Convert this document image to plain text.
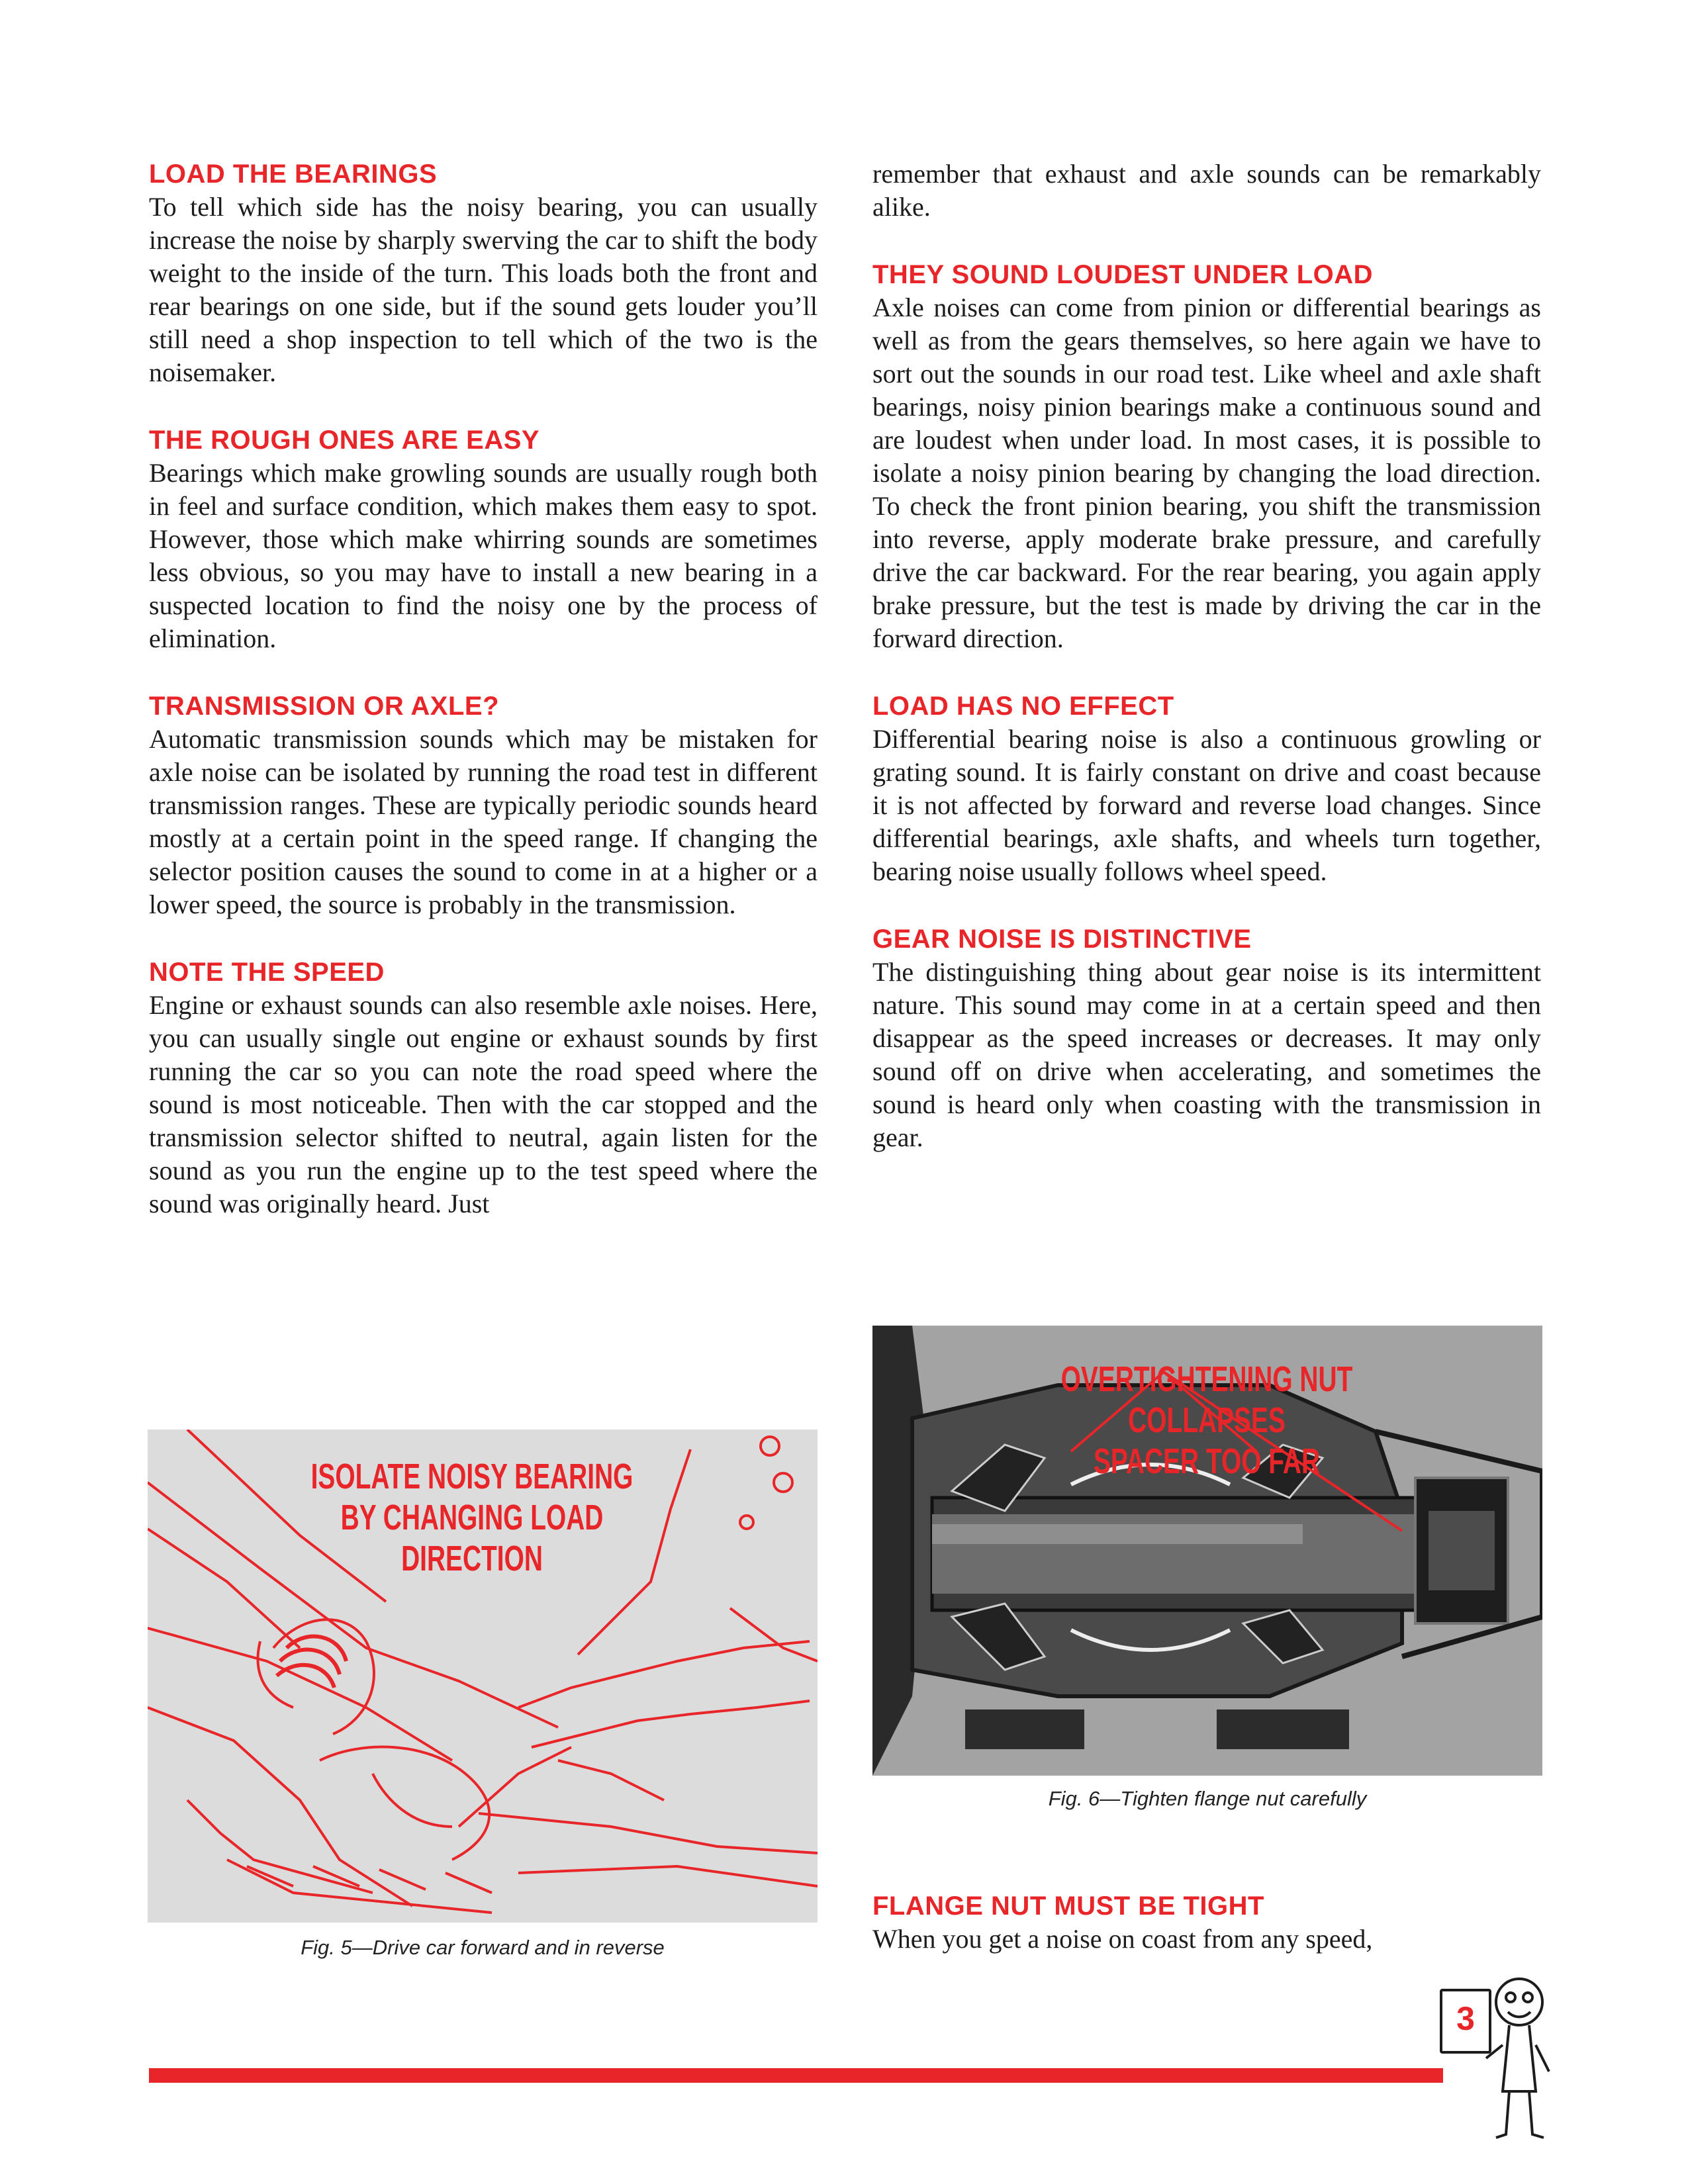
LOAD THE BEARINGS

To tell which side has the noisy bearing, you can usually increase the noise by sharply swerving the car to shift the body weight to the inside of the turn. This loads both the front and rear bearings on one side, but if the sound gets louder you’ll still need a shop inspection to tell which of the two is the noisemaker.

THE ROUGH ONES ARE EASY

Bearings which make growling sounds are usually rough both in feel and surface condition, which makes them easy to spot. However, those which make whirring sounds are sometimes less obvious, so you may have to install a new bearing in a suspected location to find the noisy one by the process of elimination.

TRANSMISSION OR AXLE?

Automatic transmission sounds which may be mistaken for axle noise can be isolated by running the road test in different transmission ranges. These are typically periodic sounds heard mostly at a certain point in the speed range. If changing the selector position causes the sound to come in at a higher or a lower speed, the source is probably in the transmission.

NOTE THE SPEED

Engine or exhaust sounds can also resemble axle noises. Here, you can usually single out engine or exhaust sounds by first running the car so you can note the road speed where the sound is most noticeable. Then with the car stopped and the transmission selector shifted to neutral, again listen for the sound as you run the engine up to the test speed where the sound was originally heard. Just

remember that exhaust and axle sounds can be remarkably alike.

THEY SOUND LOUDEST UNDER LOAD

Axle noises can come from pinion or differential bearings as well as from the gears themselves, so here again we have to sort out the sounds in our road test. Like wheel and axle shaft bearings, noisy pinion bearings make a continuous sound and are loudest when under load. In most cases, it is possible to isolate a noisy pinion bearing by changing the load direction. To check the front pinion bearing, you shift the transmission into reverse, apply moderate brake pressure, and carefully drive the car backward. For the rear bearing, you again apply brake pressure, but the test is made by driving the car in the forward direction.

LOAD HAS NO EFFECT

Differential bearing noise is also a continuous growling or grating sound. It is fairly constant on drive and coast because it is not affected by forward and reverse load changes. Since differential bearings, axle shafts, and wheels turn together, bearing noise usually follows wheel speed.

GEAR NOISE IS DISTINCTIVE

The distinguishing thing about gear noise is its intermittent nature. This sound may come in at a certain speed and then disappear as the speed increases or decreases. It may only sound off on drive when accelerating, and sometimes the sound is heard only when coasting with the transmission in gear.

ISOLATE NOISY BEARING
BY CHANGING LOAD DIRECTION
Fig. 5—Drive car forward and in reverse
OVERTIGHTENING NUT COLLAPSES
SPACER TOO FAR
Fig. 6—Tighten flange nut carefully
FLANGE NUT MUST BE TIGHT

When you get a noise on coast from any speed,

3
